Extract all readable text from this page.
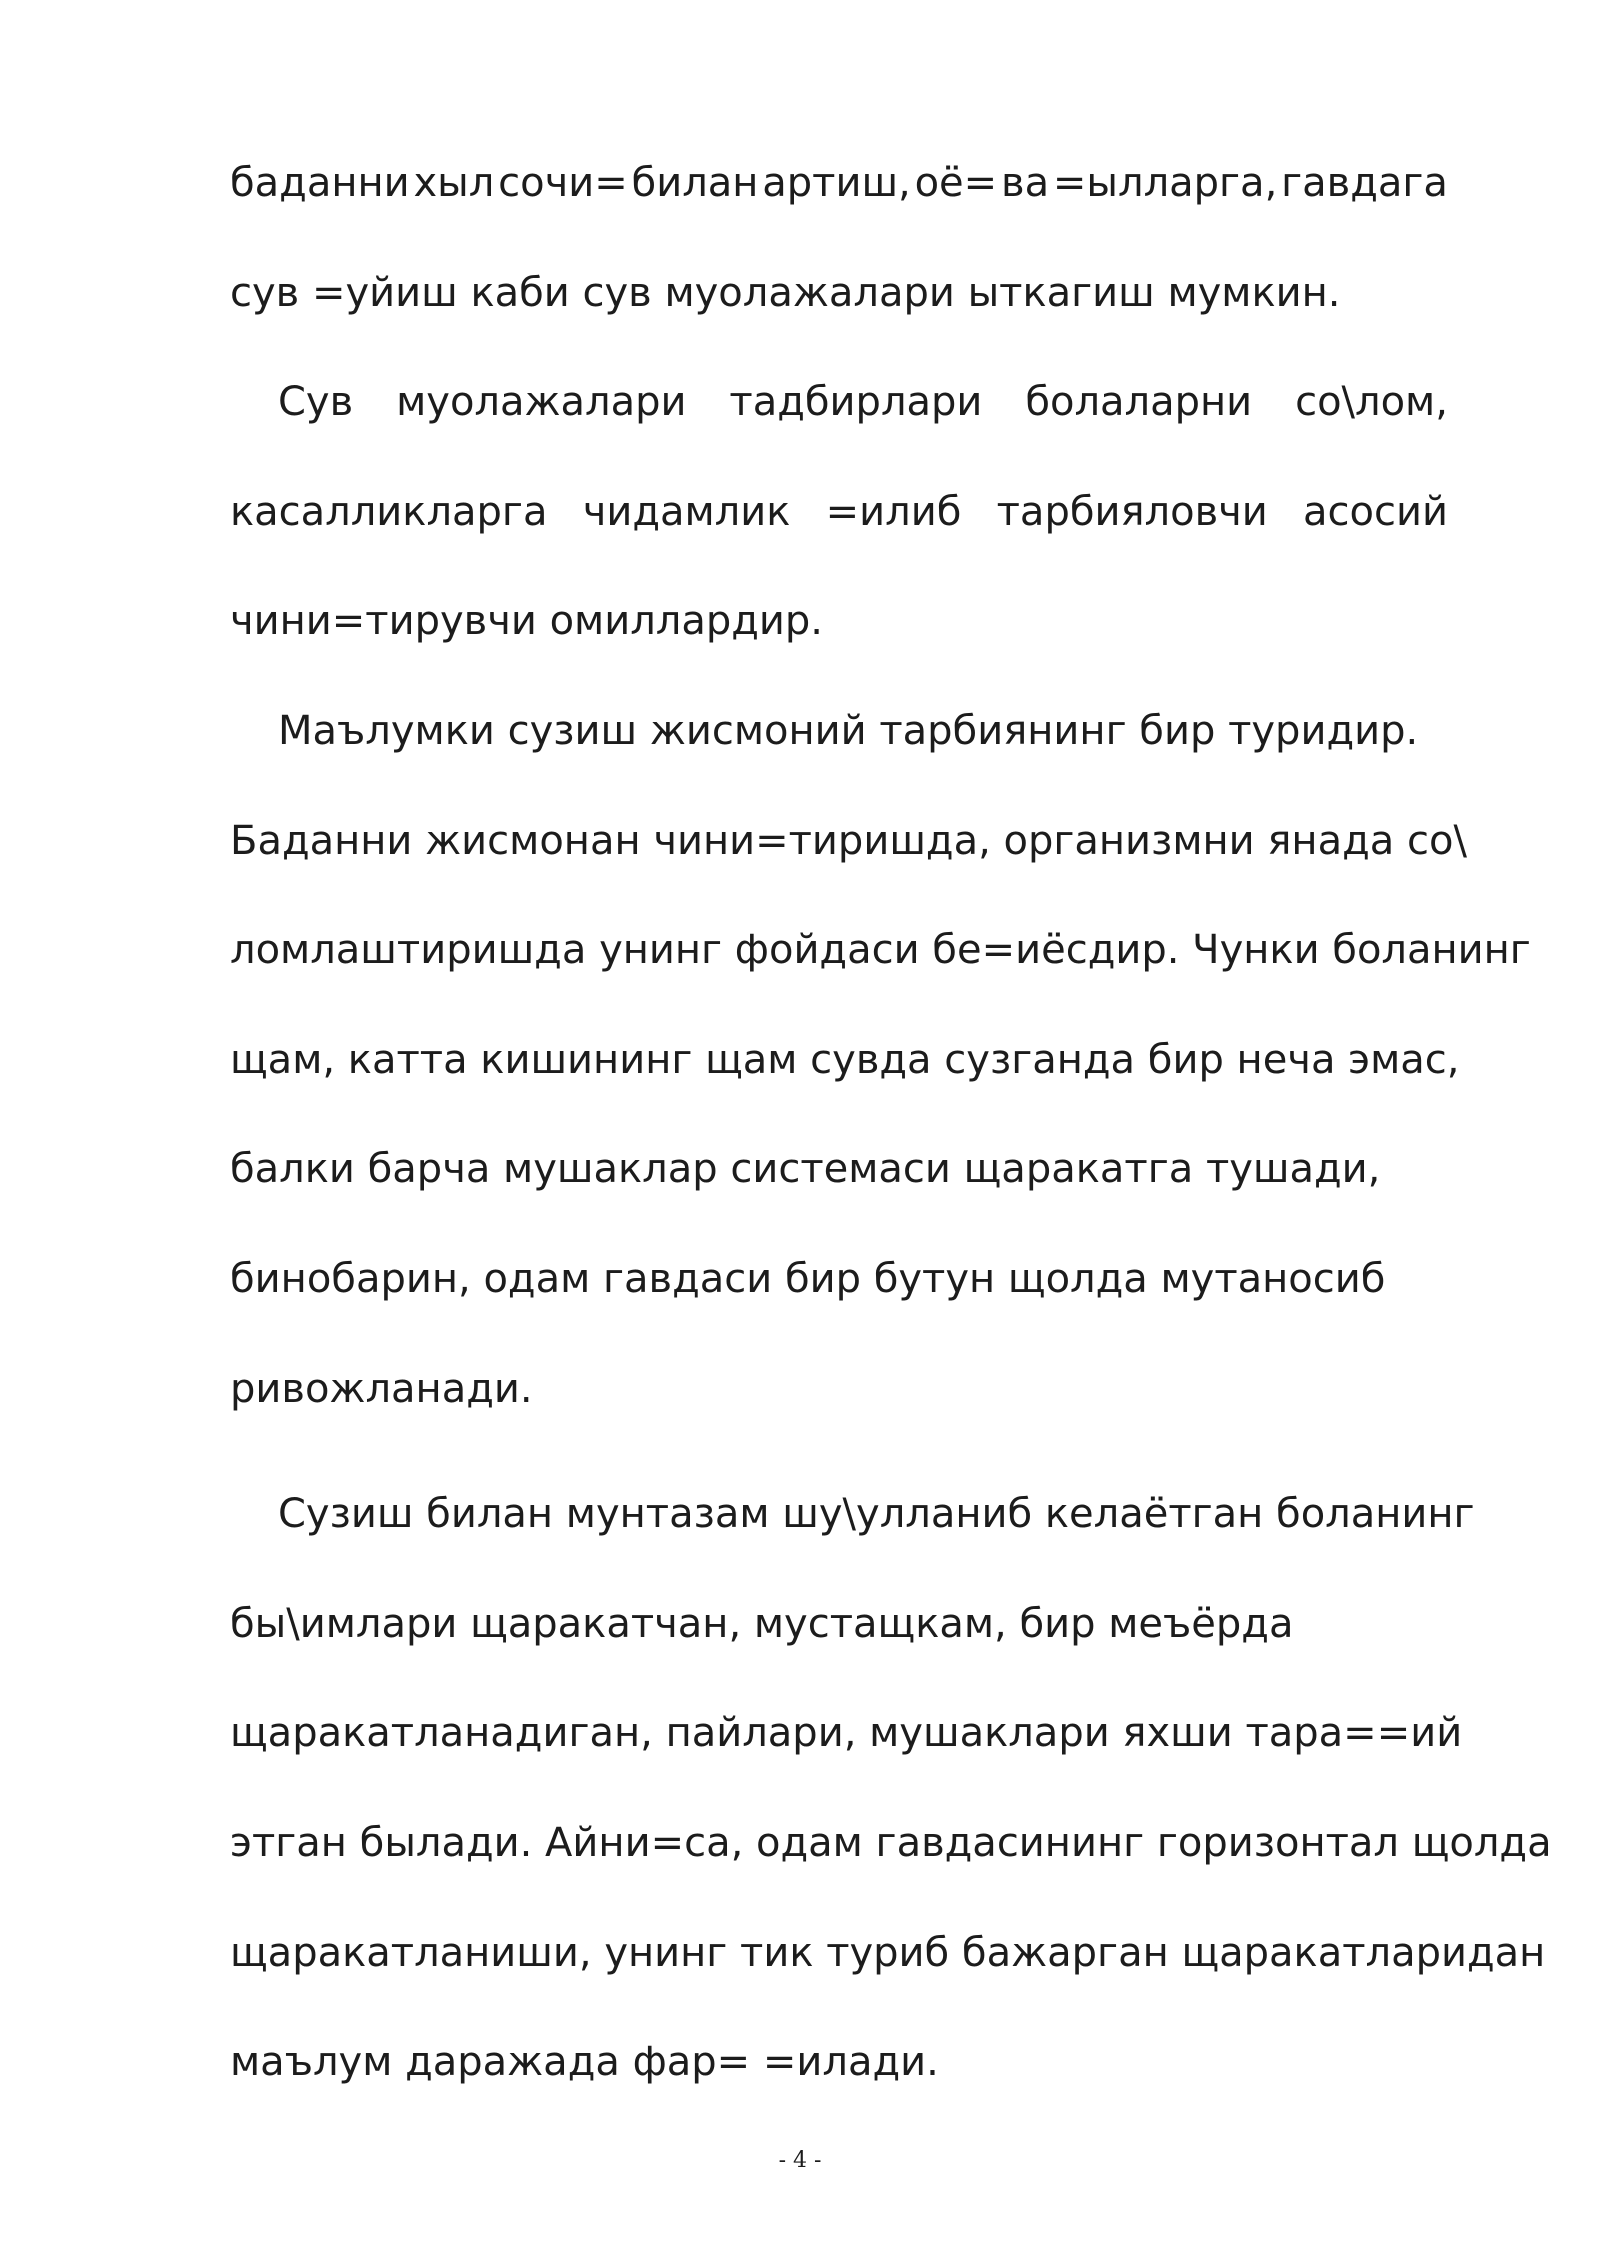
баданни хыл сочи= билан артиш, оё= ва =ылларга, гавдага
сув =уйиш каби сув муолажалари ыткагиш мумкин.
Сув муолажалари тадбирлари болаларни со\лом,
касалликларга чидамлик =илиб тарбияловчи асосий
чини=тирувчи омиллардир.
Маълумки сузиш жисмоний тарбиянинг бир туридир.
Баданни жисмонан чини=тиришда, организмни янада со\
ломлаштиришда унинг фойдаси бе=иёсдир. Чунки боланинг
щам, катта кишининг щам сувда сузганда бир неча эмас,
балки барча мушаклар системаси щаракатга тушади,
бинобарин, одам гавдаси бир бутун щолда мутаносиб
ривожланади.
Сузиш билан мунтазам шу\улланиб келаётган боланинг
бы\имлари щаракатчан, мустащкам, бир меъёрда
щаракатланадиган, пайлари, мушаклари яхши тара==ий
этган былади. Айни=са, одам гавдасининг горизонтал щолда
щаракатланиши, унинг тик туриб бажарган щаракатларидан
маълум даражада фар= =илади.
- 4 -
